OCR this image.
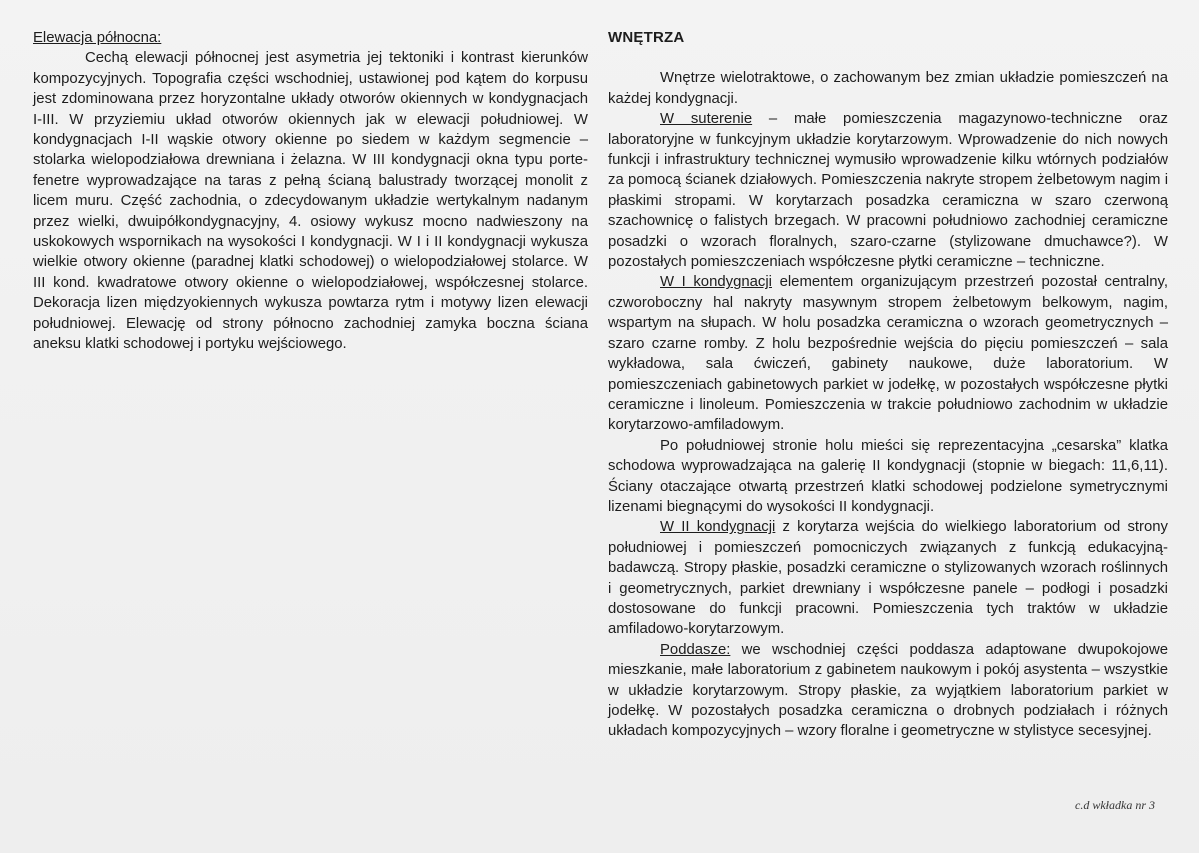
Elewacja północna:

Cechą elewacji północnej jest asymetria jej tektoniki i kontrast kierunków kompozycyjnych. Topografia części wschodniej, ustawionej pod kątem do korpusu jest zdominowana przez horyzontalne układy otworów okiennych w kondygnacjach I-III. W przyziemiu układ otworów okiennych jak w elewacji południowej. W kondygnacjach I-II wąskie otwory okienne po siedem w każdym segmencie – stolarka wielopodziałowa drewniana i żelazna. W III kondygnacji okna typu porte-fenetre wyprowadzające na taras z pełną ścianą balustrady tworzącej monolit z licem muru. Część zachodnia, o zdecydowanym układzie wertykalnym nadanym przez wielki, dwuipółkondygnacyjny, 4. osiowy wykusz mocno nadwieszony na uskokowych wspornikach na wysokości I kondygnacji. W I i II kondygnacji wykusza wielkie otwory okienne (paradnej klatki schodowej) o wielopodziałowej stolarce. W III kond. kwadratowe otwory okienne o wielopodziałowej, współczesnej stolarce. Dekoracja lizen międzyokiennych wykusza powtarza rytm i motywy lizen elewacji południowej. Elewację od strony północno zachodniej zamyka boczna ściana aneksu klatki schodowej i portyku wejściowego.

WNĘTRZA

Wnętrze wielotraktowe, o zachowanym bez zmian układzie pomieszczeń na każdej kondygnacji.

W suterenie – małe pomieszczenia magazynowo-techniczne oraz laboratoryjne w funkcyjnym układzie korytarzowym. Wprowadzenie do nich nowych funkcji i infrastruktury technicznej wymusiło wprowadzenie kilku wtórnych podziałów za pomocą ścianek działowych. Pomieszczenia nakryte stropem żelbetowym nagim i płaskimi stropami. W korytarzach posadzka ceramiczna w szaro czerwoną szachownicę o falistych brzegach. W pracowni południowo zachodniej ceramiczne posadzki o wzorach floralnych, szaro-czarne (stylizowane dmuchawce?). W pozostałych pomieszczeniach współczesne płytki ceramiczne – techniczne.

W I kondygnacji elementem organizującym przestrzeń pozostał centralny, czworoboczny hal nakryty masywnym stropem żelbetowym belkowym, nagim, wspartym na słupach. W holu posadzka ceramiczna o wzorach geometrycznych – szaro czarne romby. Z holu bezpośrednie wejścia do pięciu pomieszczeń – sala wykładowa, sala ćwiczeń, gabinety naukowe, duże laboratorium. W pomieszczeniach gabinetowych parkiet w jodełkę, w pozostałych współczesne płytki ceramiczne i linoleum. Pomieszczenia w trakcie południowo zachodnim w układzie korytarzowo-amfiladowym.

Po południowej stronie holu mieści się reprezentacyjna „cesarska” klatka schodowa wyprowadzająca na galerię II kondygnacji (stopnie w biegach: 11,6,11). Ściany otaczające otwartą przestrzeń klatki schodowej podzielone symetrycznymi lizenami biegnącymi do wysokości II kondygnacji.

W II kondygnacji z korytarza wejścia do wielkiego laboratorium od strony południowej i pomieszczeń pomocniczych związanych z funkcją edukacyjną-badawczą. Stropy płaskie, posadzki ceramiczne o stylizowanych wzorach roślinnych i geometrycznych, parkiet drewniany i współczesne panele – podłogi i posadzki dostosowane do funkcji pracowni. Pomieszczenia tych traktów w układzie amfiladowo-korytarzowym.

Poddasze: we wschodniej części poddasza adaptowane dwupokojowe mieszkanie, małe laboratorium z gabinetem naukowym i pokój asystenta – wszystkie w układzie korytarzowym. Stropy płaskie, za wyjątkiem laboratorium parkiet w jodełkę. W pozostałych posadzka ceramiczna o drobnych podziałach i różnych układach kompozycyjnych – wzory floralne i geometryczne w stylistyce secesyjnej.

c.d wkładka nr 3
